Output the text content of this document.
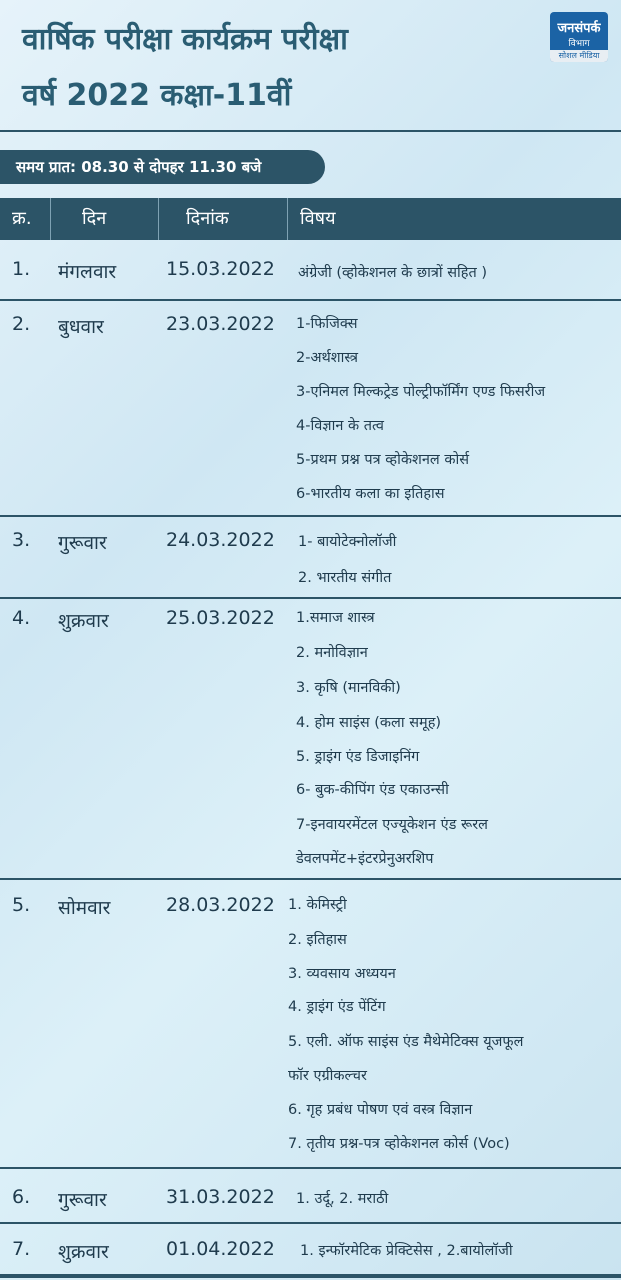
वार्षिक परीक्षा कार्यक्रम परीक्षा
वर्ष 2022 कक्षा-11वीं
जनसंपर्क
विभाग
सोशल मीडिया
समय प्रात: 08.30 से दोपहर 11.30 बजे
क्र.	दिन	दिनांक	विषय
1. मंगलवार	15.03.2022 अंग्रेजी (व्होकेशनल के छात्रों सहित )
2. बुधवार	23.03.2022 1-फिजिक्स
2-अर्थशास्त्र
3-एनिमल मिल्कट्रेड पोल्ट्रीफॉर्मिंग एण्ड फिसरीज
4-विज्ञान के तत्व
5-प्रथम प्रश्न पत्र व्होकेशनल कोर्स
6-भारतीय कला का इतिहास
3. गुरूवार	24.03.2022 1- बायोटेक्नोलॉजी
2. भारतीय संगीत
4. शुक्रवार	25.03.2022 1.समाज शास्त्र
2. मनोविज्ञान
3. कृषि (मानविकी)
4. होम साइंस (कला समूह)
5. ड्राइंग एंड डिजाइनिंग
6- बुक-कीपिंग एंड एकाउन्सी
7-इनवायरमेंटल एज्यूकेशन एंड रूरल
डेवलपमेंट+इंटरप्रेनुअरशिप
5. सोमवार	28.03.2022 1. केमिस्ट्री
2. इतिहास
3. व्यवसाय अध्ययन
4. ड्राइंग एंड पेंटिंग
5. एली. ऑफ साइंस एंड मैथेमेटिक्स यूजफूल
फॉर एग्रीकल्चर
6. गृह प्रबंध पोषण एवं वस्त्र विज्ञान
7. तृतीय प्रश्न-पत्र व्होकेशनल कोर्स (Voc)
6. गुरूवार	31.03.2022 1. उर्दू, 2. मराठी
7. शुक्रवार	01.04.2022 1. इन्फॉरमेटिक प्रेक्टिसेस , 2.बायोलॉजी
